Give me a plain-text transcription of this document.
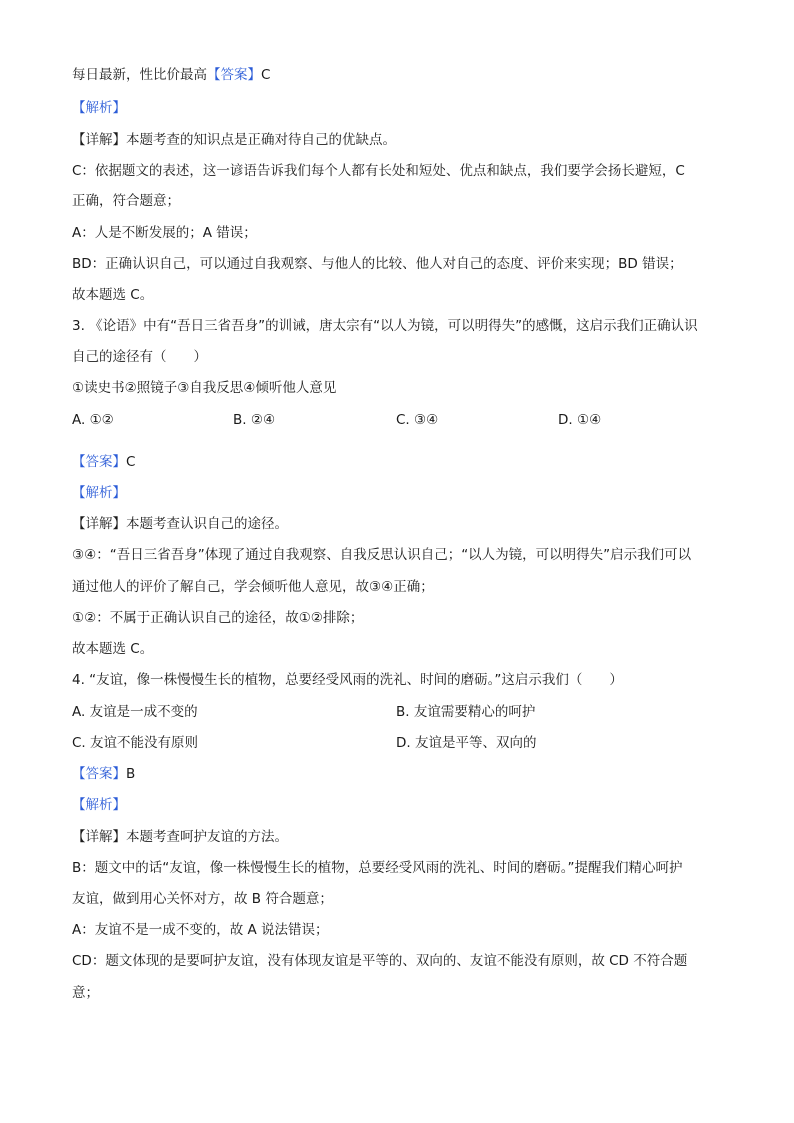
每日最新，性比价最高【答案】C
【解析】
【详解】本题考查的知识点是正确对待自己的优缺点。
C：依据题文的表述，这一谚语告诉我们每个人都有长处和短处、优点和缺点，我们要学会扬长避短，C
正确，符合题意；
A：人是不断发展的；A 错误；
BD：正确认识自己，可以通过自我观察、与他人的比较、他人对自己的态度、评价来实现；BD 错误；
故本题选 C。
3. 《论语》中有“吾日三省吾身”的训诫，唐太宗有“以人为镜，可以明得失”的感慨，这启示我们正确认识
自己的途径有（　　）
①读史书②照镜子③自我反思④倾听他人意见
A. ①②	B. ②④	C. ③④	D. ①④
【答案】C
【解析】
【详解】本题考查认识自己的途径。
③④：“吾日三省吾身”体现了通过自我观察、自我反思认识自己；“以人为镜，可以明得失”启示我们可以
通过他人的评价了解自己，学会倾听他人意见，故③④正确；
①②：不属于正确认识自己的途径，故①②排除；
故本题选 C。
4. “友谊，像一株慢慢生长的植物，总要经受风雨的洗礼、时间的磨砺。”这启示我们（　　）
A. 友谊是一成不变的	B. 友谊需要精心的呵护
C. 友谊不能没有原则	D. 友谊是平等、双向的
【答案】B
【解析】
【详解】本题考查呵护友谊的方法。
B：题文中的话“友谊，像一株慢慢生长的植物，总要经受风雨的洗礼、时间的磨砺。”提醒我们精心呵护
友谊，做到用心关怀对方，故 B 符合题意；
A：友谊不是一成不变的，故 A 说法错误；
CD：题文体现的是要呵护友谊，没有体现友谊是平等的、双向的、友谊不能没有原则，故 CD 不符合题
意；
